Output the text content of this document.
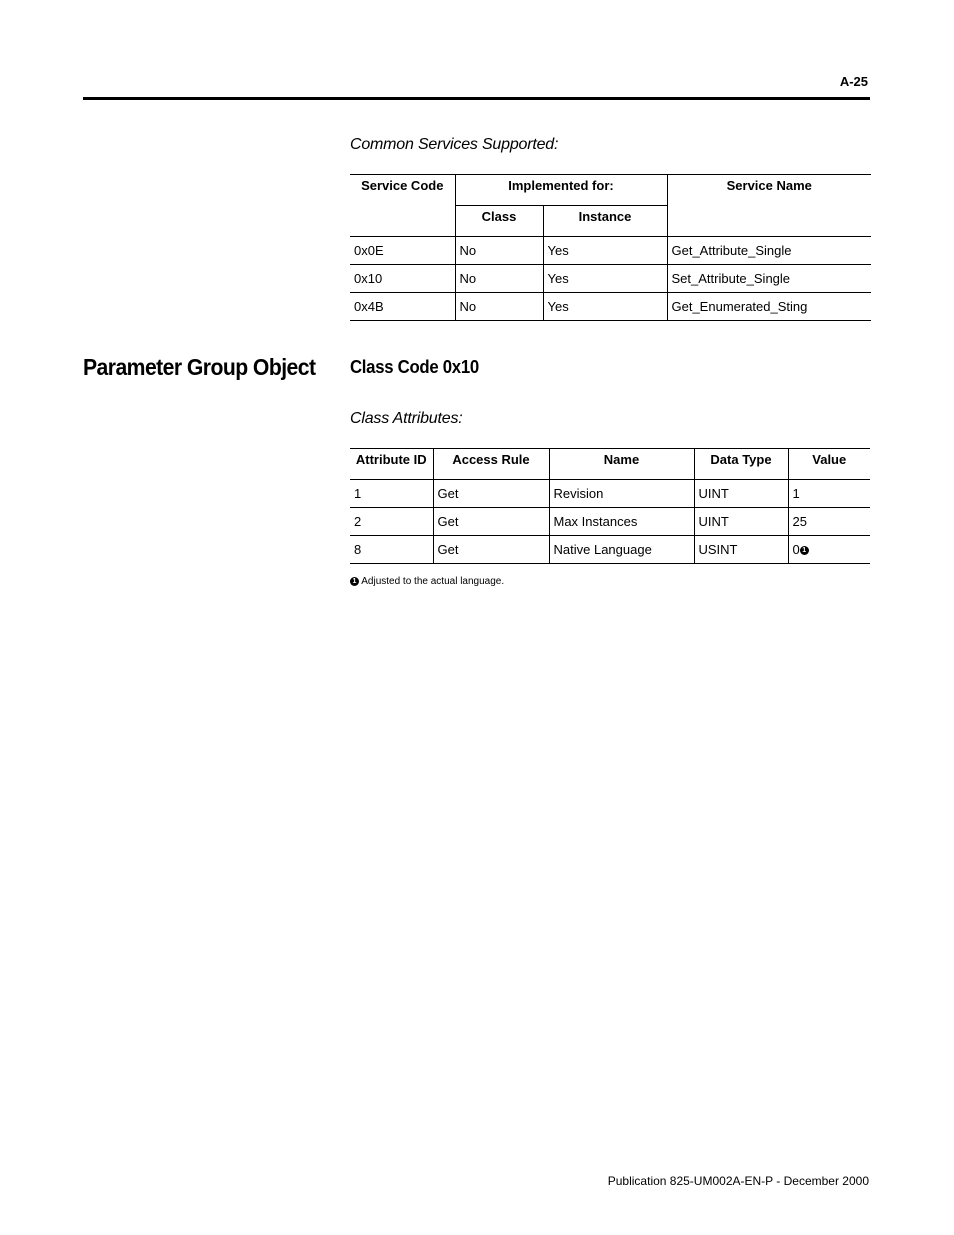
A-25
Common Services Supported:
Service Code	Implemented for:		Service Name
	Class	Instance	
0x0E	No	Yes	Get_Attribute_Single
0x10	No	Yes	Set_Attribute_Single
0x4B	No	Yes	Get_Enumerated_Sting
Parameter Group Object Class Code 0x10
Class Attributes:
Attribute ID	Access Rule	Name	Data Type	Value
1	Get	Revision	UINT	1
2	Get	Max Instances	UINT	25
8	Get	Native Language	USINT	0 1
1 Adjusted to the actual language.
Publication 825-UM002A-EN-P - December 2000
